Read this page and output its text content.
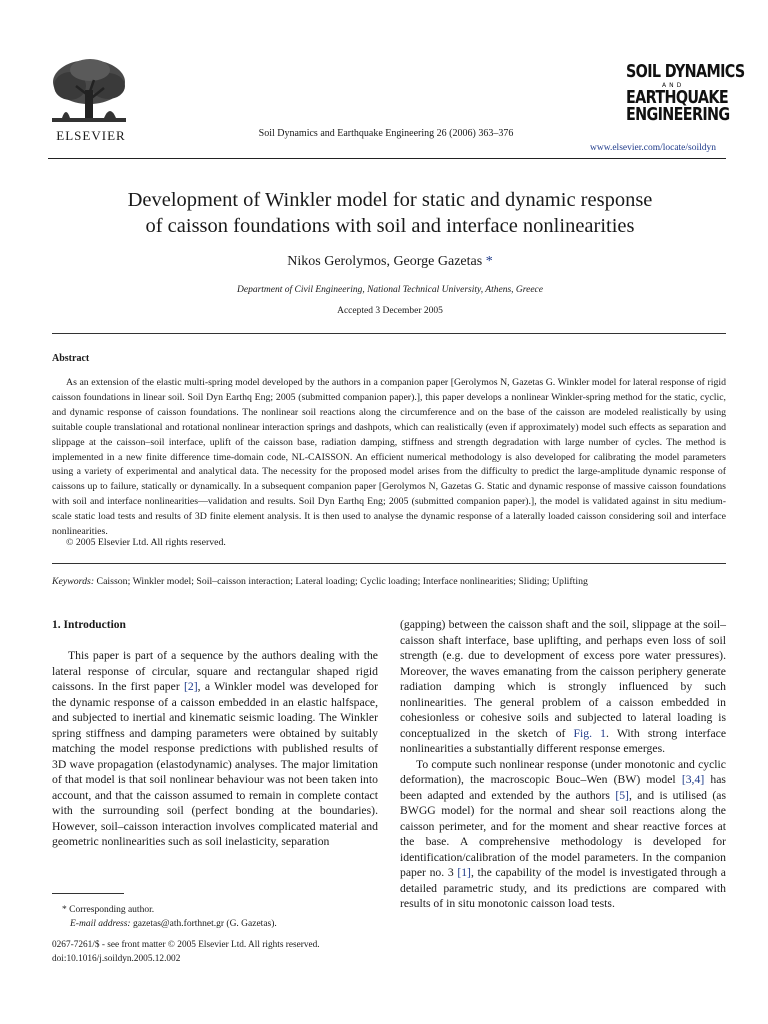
ELSEVIER	Soil Dynamics and Earthquake Engineering 26 (2006) 363–376
SOIL DYNAMICS
AND
EARTHQUAKE
ENGINEERING
www.elsevier.com/locate/soildyn
Development of Winkler model for static and dynamic response
of caisson foundations with soil and interface nonlinearities
Nikos Gerolymos, George Gazetas *
Department of Civil Engineering, National Technical University, Athens, Greece
Accepted 3 December 2005
Abstract

As an extension of the elastic multi-spring model developed by the authors in a companion paper [Gerolymos N, Gazetas G. Winkler model for lateral response of rigid caisson foundations in linear soil. Soil Dyn Earthq Eng; 2005 (submitted companion paper).], this paper develops a nonlinear Winkler-spring method for the static, cyclic, and dynamic response of caisson foundations. The nonlinear soil reactions along the circumference and on the base of the caisson are modeled realistically by using suitable couple translational and rotational nonlinear interaction springs and dashpots, which can realistically (even if approximately) model such effects as separation and slippage at the caisson–soil interface, uplift of the caisson base, radiation damping, stiffness and strength degradation with large number of cycles. The method is implemented in a new finite difference time-domain code, NL-CAISSON. An efficient numerical methodology is also developed for calibrating the model parameters using a variety of experimental and analytical data. The necessity for the proposed model arises from the difficulty to predict the large-amplitude dynamic response of caissons up to failure, statically or dynamically. In a subsequent companion paper [Gerolymos N, Gazetas G. Static and dynamic response of massive caisson foundations with soil and interface nonlinearities—validation and results. Soil Dyn Earthq Eng; 2005 (submitted companion paper).], the model is validated against in situ medium-scale static load tests and results of 3D finite element analysis. It is then used to analyse the dynamic response of a laterally loaded caisson considering soil and interface nonlinearities.

© 2005 Elsevier Ltd. All rights reserved.
Keywords: Caisson; Winkler model; Soil–caisson interaction; Lateral loading; Cyclic loading; Interface nonlinearities; Sliding; Uplifting
1. Introduction

This paper is part of a sequence by the authors dealing with the lateral response of circular, square and rectangular shaped rigid caissons. In the first paper [2], a Winkler model was developed for the dynamic response of a caisson embedded in an elastic halfspace, and subjected to inertial and kinematic seismic loading. The Winkler spring stiffness and damping parameters were obtained by suitably matching the model response predictions with published results of 3D wave propagation (elastodynamic) analyses. The major limitation of that model is that soil nonlinear behaviour was not been taken into account, and that the caisson assumed to remain in complete contact with the surrounding soil (perfect bonding at the boundaries). However, soil–caisson interaction involves complicated material and geometric nonlinearities such as soil inelasticity, separation

(gapping) between the caisson shaft and the soil, slippage at the soil–caisson shaft interface, base uplifting, and perhaps even loss of soil strength (e.g. due to development of excess pore water pressures). Moreover, the waves emanating from the caisson periphery generate radiation damping which is strongly influenced by such nonlinearities. The general problem of a caisson embedded in cohesionless or cohesive soils and subjected to lateral loading is conceptualized in the sketch of Fig. 1. With strong interface nonlinearities a substantially different response emerges.

To compute such nonlinear response (under monotonic and cyclic deformation), the macroscopic Bouc–Wen (BW) model [3,4] has been adapted and extended by the authors [5], and is utilised (as BWGG model) for the normal and shear soil reactions along the caisson perimeter, and for the moment and shear reactive forces at the base. A comprehensive methodology is developed for identification/calibration of the model parameters. In the companion paper no. 3 [1], the capability of the model is investigated through a detailed parametric study, and its predictions are compared with results of in situ monotonic caisson load tests.

* Corresponding author.
E-mail address: gazetas@ath.forthnet.gr (G. Gazetas).
0267-7261/$ - see front matter © 2005 Elsevier Ltd. All rights reserved.
doi:10.1016/j.soildyn.2005.12.002
